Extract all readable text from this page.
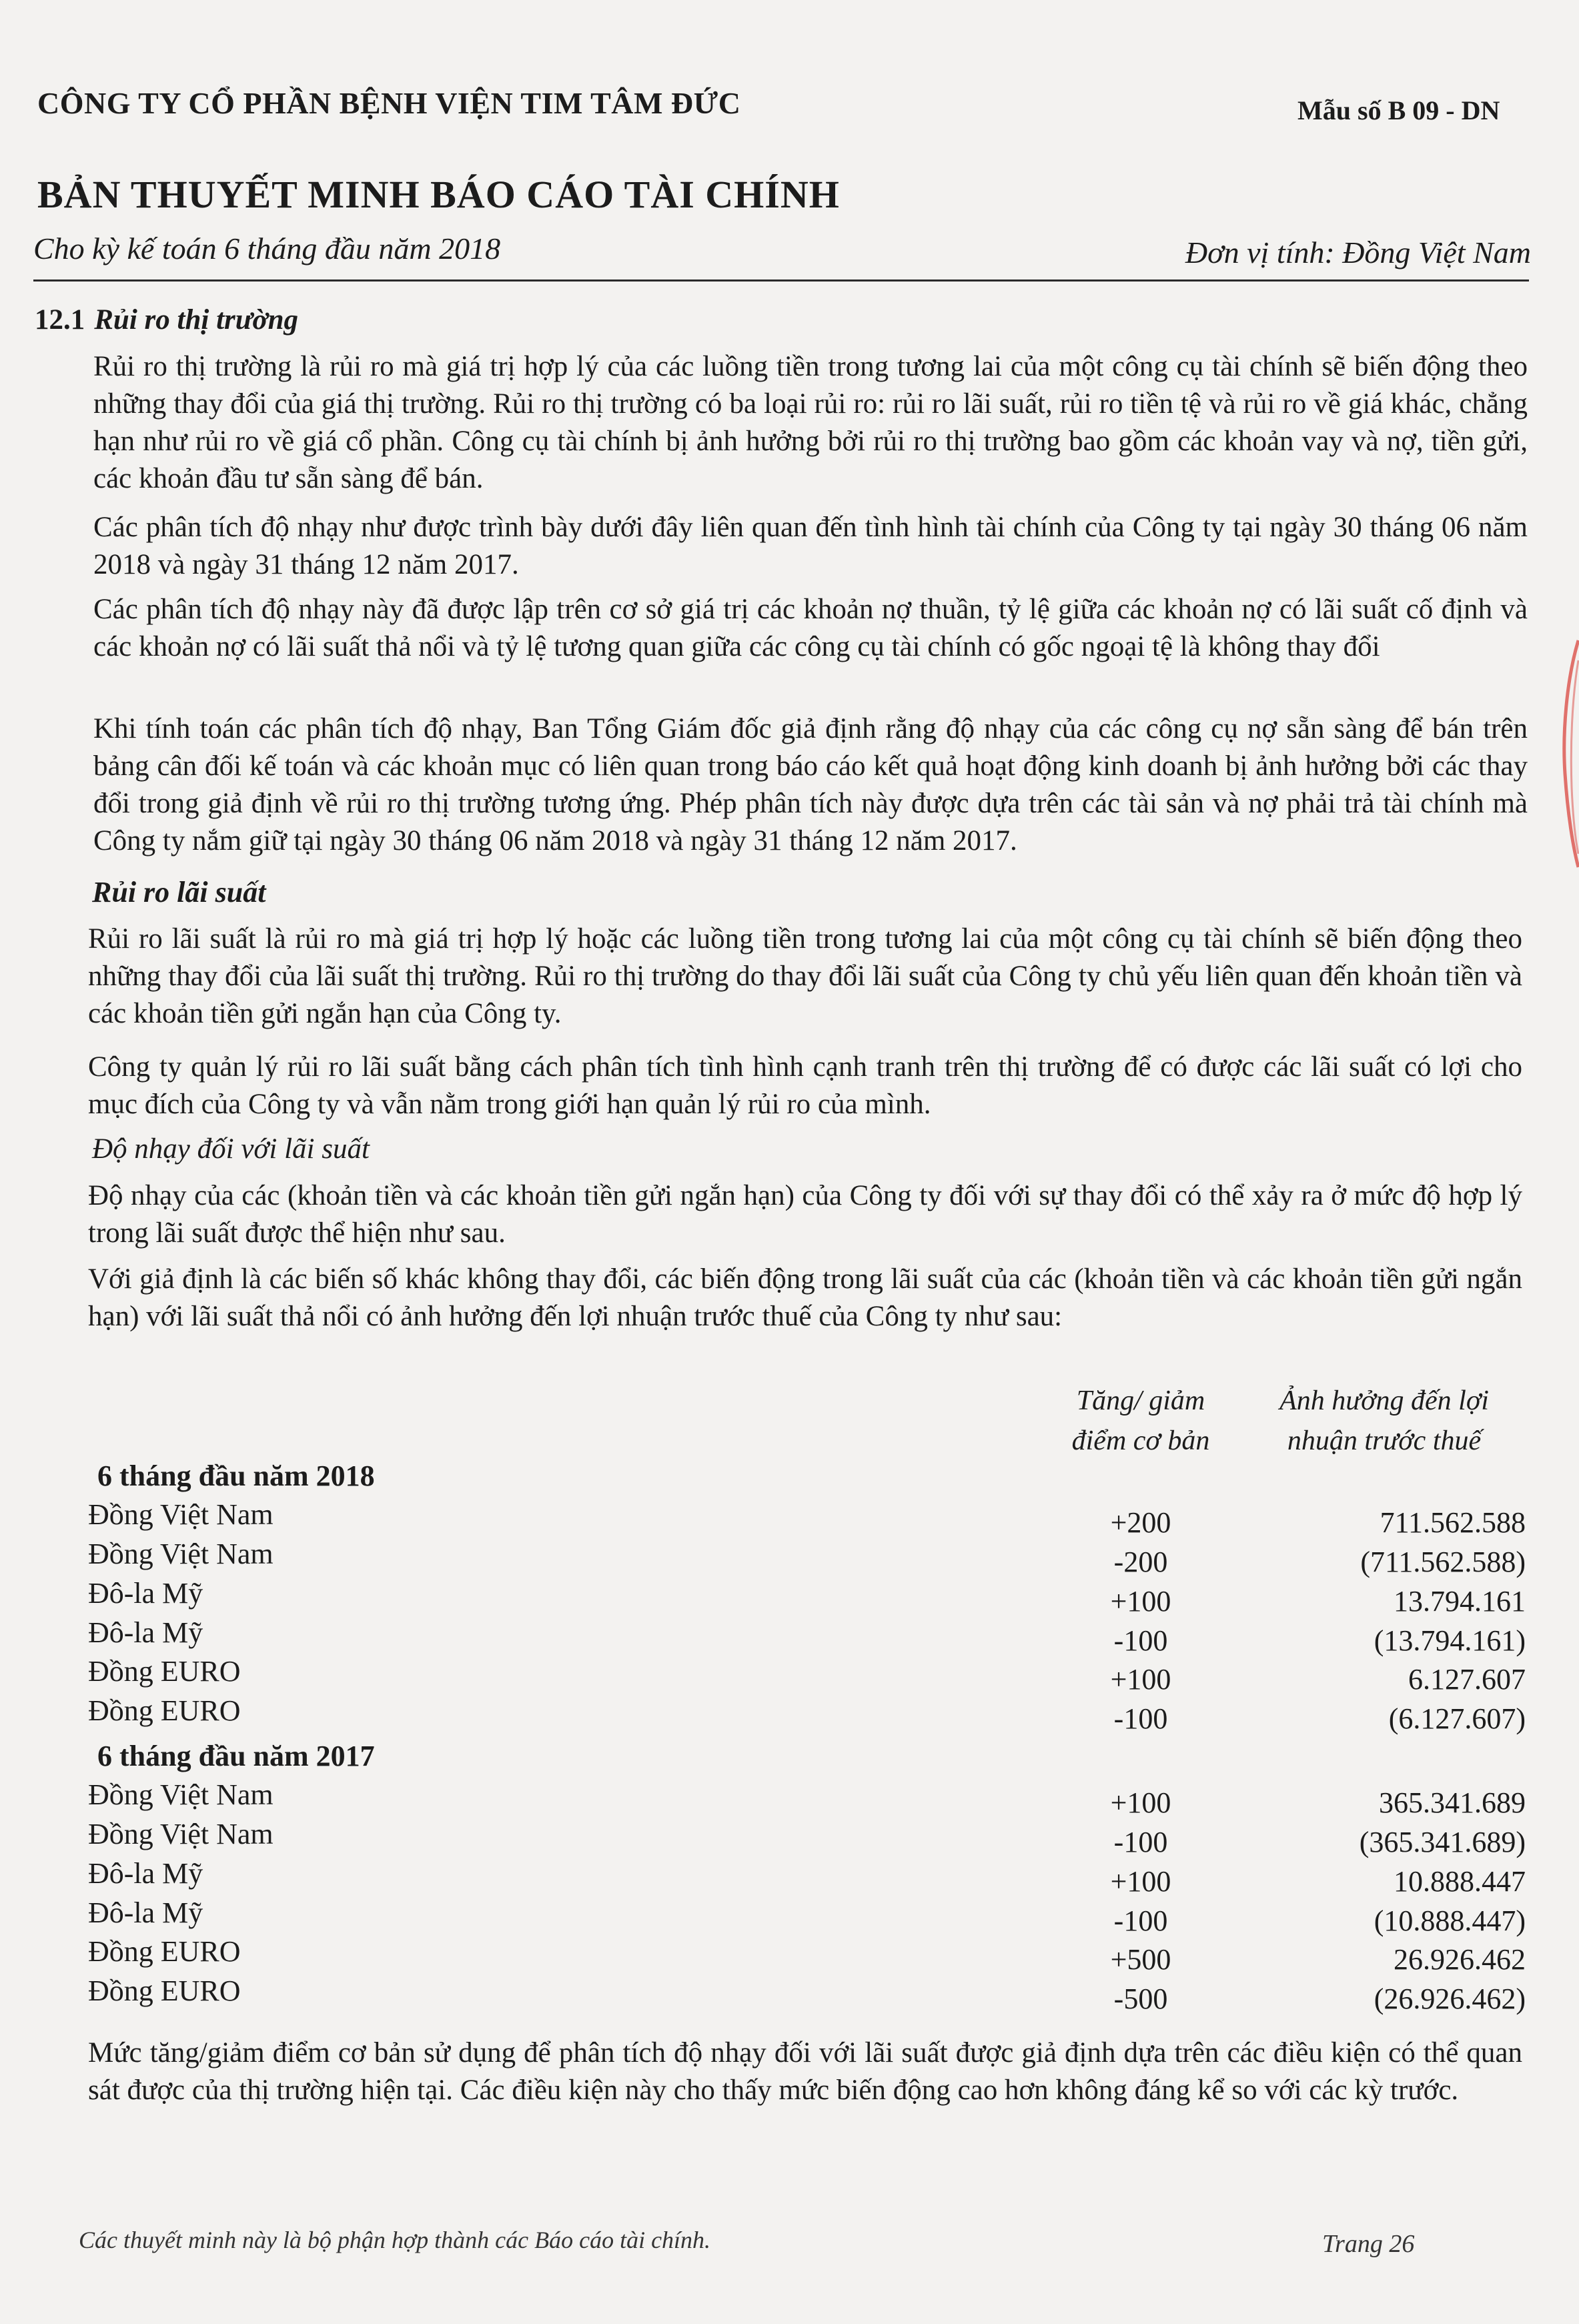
CÔNG TY CỔ PHẦN BỆNH VIỆN TIM TÂM ĐỨC	Mẫu số B 09 - DN
BẢN THUYẾT MINH BÁO CÁO TÀI CHÍNH
Cho kỳ kế toán 6 tháng đầu năm 2018	Đơn vị tính: Đồng Việt Nam
12.1 Rủi ro thị trường
Rủi ro thị trường là rủi ro mà giá trị hợp lý của các luồng tiền trong tương lai của một công cụ tài chính sẽ biến động theo những thay đổi của giá thị trường. Rủi ro thị trường có ba loại rủi ro: rủi ro lãi suất, rủi ro tiền tệ và rủi ro về giá khác, chẳng hạn như rủi ro về giá cổ phần. Công cụ tài chính bị ảnh hưởng bởi rủi ro thị trường bao gồm các khoản vay và nợ, tiền gửi, các khoản đầu tư sẵn sàng để bán.
Các phân tích độ nhạy như được trình bày dưới đây liên quan đến tình hình tài chính của Công ty tại ngày 30 tháng 06 năm 2018 và ngày 31 tháng 12 năm 2017.
Các phân tích độ nhạy này đã được lập trên cơ sở giá trị các khoản nợ thuần, tỷ lệ giữa các khoản nợ có lãi suất cố định và các khoản nợ có lãi suất thả nổi và tỷ lệ tương quan giữa các công cụ tài chính có gốc ngoại tệ là không thay đổi
Khi tính toán các phân tích độ nhạy, Ban Tổng Giám đốc giả định rằng độ nhạy của các công cụ nợ sẵn sàng để bán trên bảng cân đối kế toán và các khoản mục có liên quan trong báo cáo kết quả hoạt động kinh doanh bị ảnh hưởng bởi các thay đổi trong giả định về rủi ro thị trường tương ứng. Phép phân tích này được dựa trên các tài sản và nợ phải trả tài chính mà Công ty nắm giữ tại ngày 30 tháng 06 năm 2018 và ngày 31 tháng 12 năm 2017.
Rủi ro lãi suất
Rủi ro lãi suất là rủi ro mà giá trị hợp lý hoặc các luồng tiền trong tương lai của một công cụ tài chính sẽ biến động theo những thay đổi của lãi suất thị trường. Rủi ro thị trường do thay đổi lãi suất của Công ty chủ yếu liên quan đến khoản tiền và các khoản tiền gửi ngắn hạn của Công ty.
Công ty quản lý rủi ro lãi suất bằng cách phân tích tình hình cạnh tranh trên thị trường để có được các lãi suất có lợi cho mục đích của Công ty và vẫn nằm trong giới hạn quản lý rủi ro của mình.
Độ nhạy đối với lãi suất
Độ nhạy của các (khoản tiền và các khoản tiền gửi ngắn hạn) của Công ty đối với sự thay đổi có thể xảy ra ở mức độ hợp lý trong lãi suất được thể hiện như sau.
Với giả định là các biến số khác không thay đổi, các biến động trong lãi suất của các (khoản tiền và các khoản tiền gửi ngắn hạn) với lãi suất thả nổi có ảnh hưởng đến lợi nhuận trước thuế của Công ty như sau:
Tăng/ giảm
điểm cơ bản
Ảnh hưởng đến lợi
nhuận trước thuế
6 tháng đầu năm 2018
Đồng Việt Nam	+200	711.562.588
Đồng Việt Nam	-200	(711.562.588)
Đô-la Mỹ	+100	13.794.161
Đô-la Mỹ	-100	(13.794.161)
Đồng EURO	+100	6.127.607
Đồng EURO	-100	(6.127.607)
6 tháng đầu năm 2017
Đồng Việt Nam	+100	365.341.689
Đồng Việt Nam	-100	(365.341.689)
Đô-la Mỹ	+100	10.888.447
Đô-la Mỹ	-100	(10.888.447)
Đồng EURO	+500	26.926.462
Đồng EURO	-500	(26.926.462)
Mức tăng/giảm điểm cơ bản sử dụng để phân tích độ nhạy đối với lãi suất được giả định dựa trên các điều kiện có thể quan sát được của thị trường hiện tại. Các điều kiện này cho thấy mức biến động cao hơn không đáng kể so với các kỳ trước.
Các thuyết minh này là bộ phận hợp thành các Báo cáo tài chính.	Trang 26
